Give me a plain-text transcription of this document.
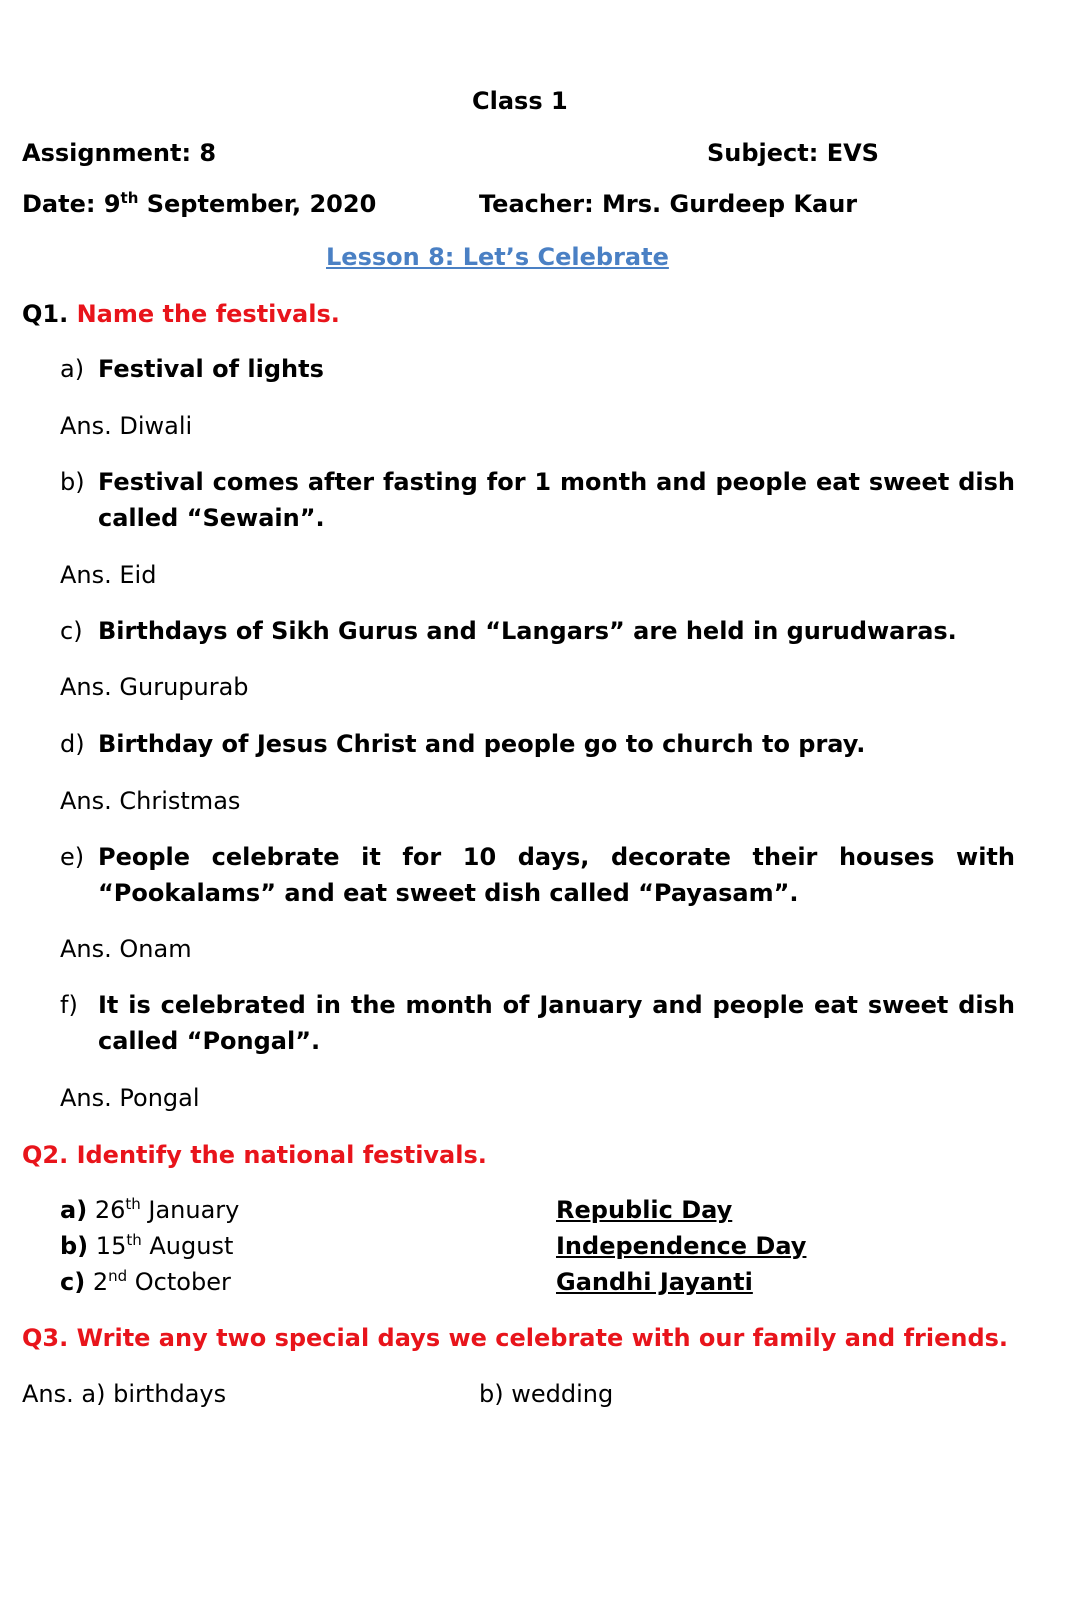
Class 1
Assignment: 8	Subject: EVS
Date: 9th September, 2020	Teacher: Mrs. Gurdeep Kaur
Lesson 8: Let’s Celebrate
Q1. Name the festivals.
a) Festival of lights
Ans. Diwali
b) Festival comes after fasting for 1 month and people eat sweet dish called “Sewain”.
Ans. Eid
c) Birthdays of Sikh Gurus and “Langars” are held in gurudwaras.
Ans. Gurupurab
d) Birthday of Jesus Christ and people go to church to pray.
Ans. Christmas
e) People celebrate it for 10 days, decorate their houses with “Pookalams” and eat sweet dish called “Payasam”.
Ans. Onam
f) It is celebrated in the month of January and people eat sweet dish called “Pongal”.
Ans. Pongal
Q2. Identify the national festivals.
a) 26th January	Republic Day
b) 15th August	Independence Day
c) 2nd October	Gandhi Jayanti
Q3. Write any two special days we celebrate with our family and friends.
Ans. a) birthdays	b) wedding
